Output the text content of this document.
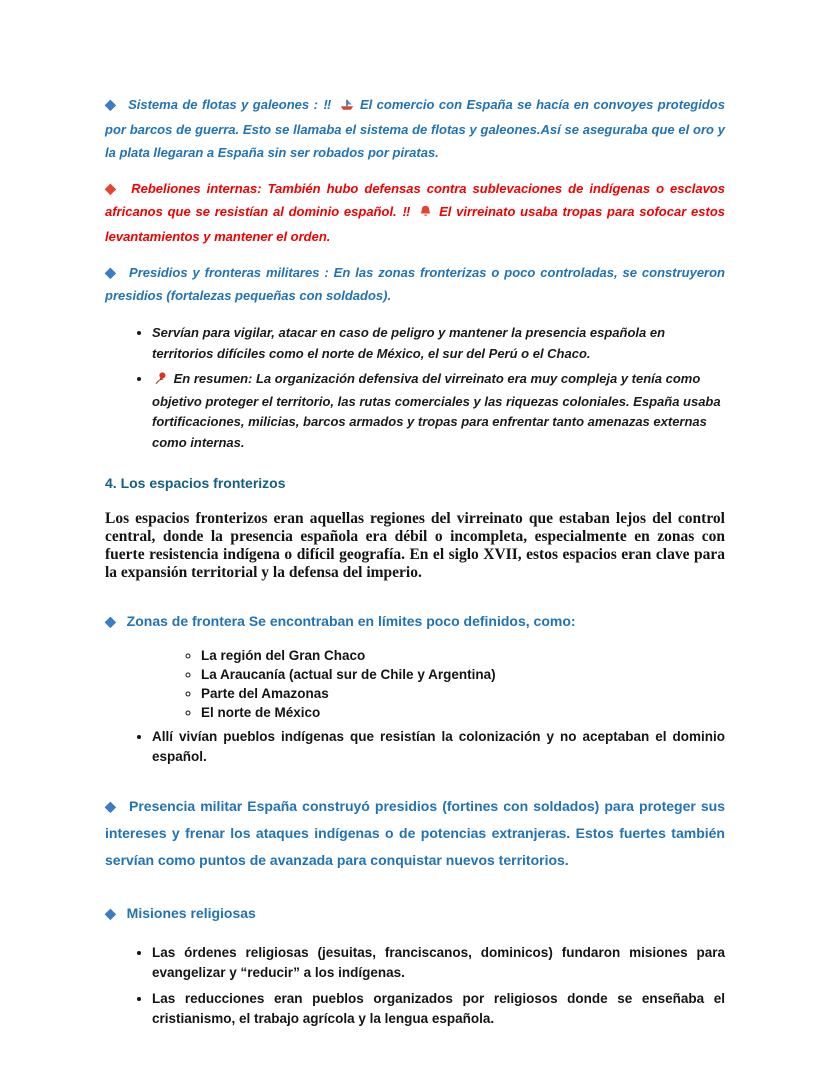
◆ Sistema de flotas y galeones : ‼ El comercio con España se hacía en convoyes protegidos por barcos de guerra. Esto se llamaba el sistema de flotas y galeones.Así se aseguraba que el oro y la plata llegaran a España sin ser robados por piratas.

◆ Rebeliones internas: También hubo defensas contra sublevaciones de indígenas o esclavos africanos que se resistían al dominio español. ‼ El virreinato usaba tropas para sofocar estos levantamientos y mantener el orden.

◆ Presidios y fronteras militares : En las zonas fronterizas o poco controladas, se construyeron presidios (fortalezas pequeñas con soldados).

• Servían para vigilar, atacar en caso de peligro y mantener la presencia española en territorios difíciles como el norte de México, el sur del Perú o el Chaco.
• En resumen: La organización defensiva del virreinato era muy compleja y tenía como objetivo proteger el territorio, las rutas comerciales y las riquezas coloniales. España usaba fortificaciones, milicias, barcos armados y tropas para enfrentar tanto amenazas externas como internas.
4. Los espacios fronterizos

Los espacios fronterizos eran aquellas regiones del virreinato que estaban lejos del control central, donde la presencia española era débil o incompleta, especialmente en zonas con fuerte resistencia indígena o difícil geografía. En el siglo XVII, estos espacios eran clave para la expansión territorial y la defensa del imperio.

◆ Zonas de frontera Se encontraban en límites poco definidos, como:

◦ La región del Gran Chaco
◦ La Araucanía (actual sur de Chile y Argentina)
◦ Parte del Amazonas
◦ El norte de México
• Allí vivían pueblos indígenas que resistían la colonización y no aceptaban el dominio español.

◆ Presencia militar España construyó presidios (fortines con soldados) para proteger sus intereses y frenar los ataques indígenas o de potencias extranjeras. Estos fuertes también servían como puntos de avanzada para conquistar nuevos territorios.

◆ Misiones religiosas

• Las órdenes religiosas (jesuitas, franciscanos, dominicos) fundaron misiones para evangelizar y “reducir” a los indígenas.
• Las reducciones eran pueblos organizados por religiosos donde se enseñaba el cristianismo, el trabajo agrícola y la lengua española.
